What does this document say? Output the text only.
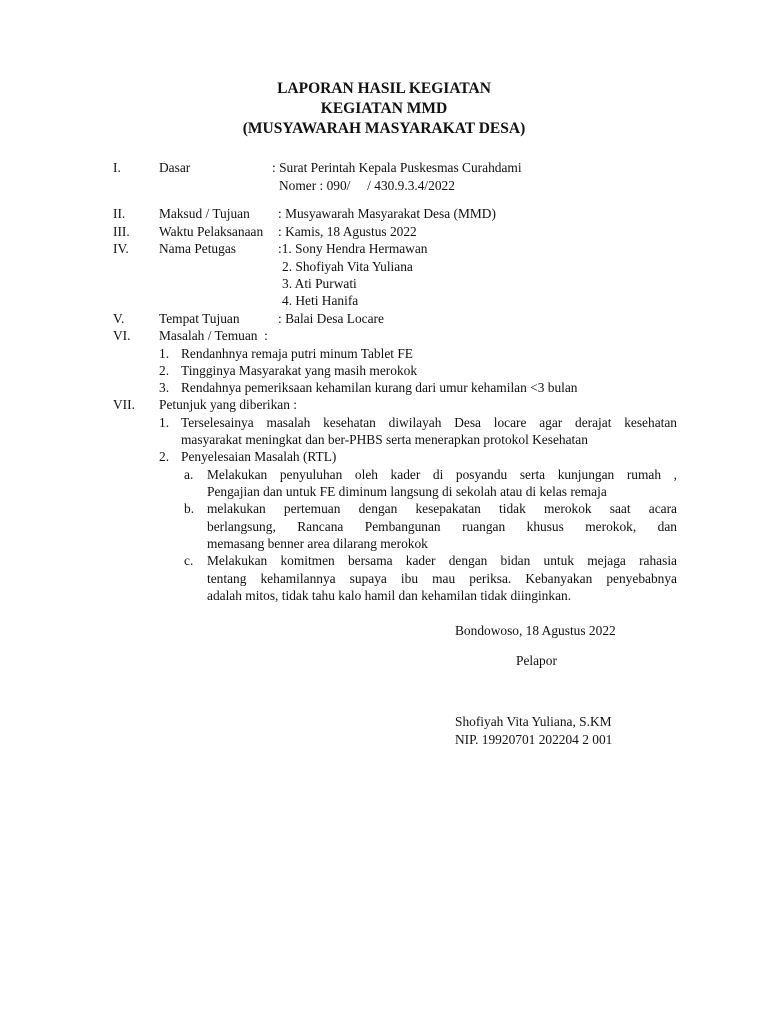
LAPORAN HASIL KEGIATAN
KEGIATAN MMD
(MUSYAWARAH MASYARAKAT DESA)
I.	Dasar	: Surat Perintah Kepala Puskesmas Curahdami
Nomer : 090/     / 430.9.3.4/2022
II.	Maksud / Tujuan : Musyawarah Masyarakat Desa (MMD)
III. Waktu Pelaksanaan : Kamis, 18 Agustus 2022
IV. Nama Petugas	:1. Sony Hendra Hermawan
2. Shofiyah Vita Yuliana
3. Ati Purwati
4. Heti Hanifa
V.	Tempat Tujuan	: Balai Desa Locare
VI. Masalah / Temuan  :
1. Rendanhnya remaja putri minum Tablet FE
2. Tingginya Masyarakat yang masih merokok
3. Rendahnya pemeriksaan kehamilan kurang dari umur kehamilan <3 bulan
VII. Petunjuk yang diberikan :
1. Terselesainya masalah kesehatan diwilayah Desa locare agar derajat kesehatan
masyarakat meningkat dan ber-PHBS serta menerapkan protokol Kesehatan
2. Penyelesaian Masalah (RTL)
a. Melakukan penyuluhan oleh kader di posyandu serta kunjungan rumah ,
Pengajian dan untuk FE diminum langsung di sekolah atau di kelas remaja
b. melakukan pertemuan dengan kesepakatan tidak merokok saat acara
berlangsung, Rancana Pembangunan ruangan khusus merokok, dan
memasang benner area dilarang merokok
c. Melakukan komitmen bersama kader dengan bidan untuk mejaga rahasia
tentang kehamilannya supaya ibu mau periksa. Kebanyakan penyebabnya
adalah mitos, tidak tahu kalo hamil dan kehamilan tidak diinginkan.
Bondowoso, 18 Agustus 2022
Pelapor
Shofiyah Vita Yuliana, S.KM
NIP. 19920701 202204 2 001
